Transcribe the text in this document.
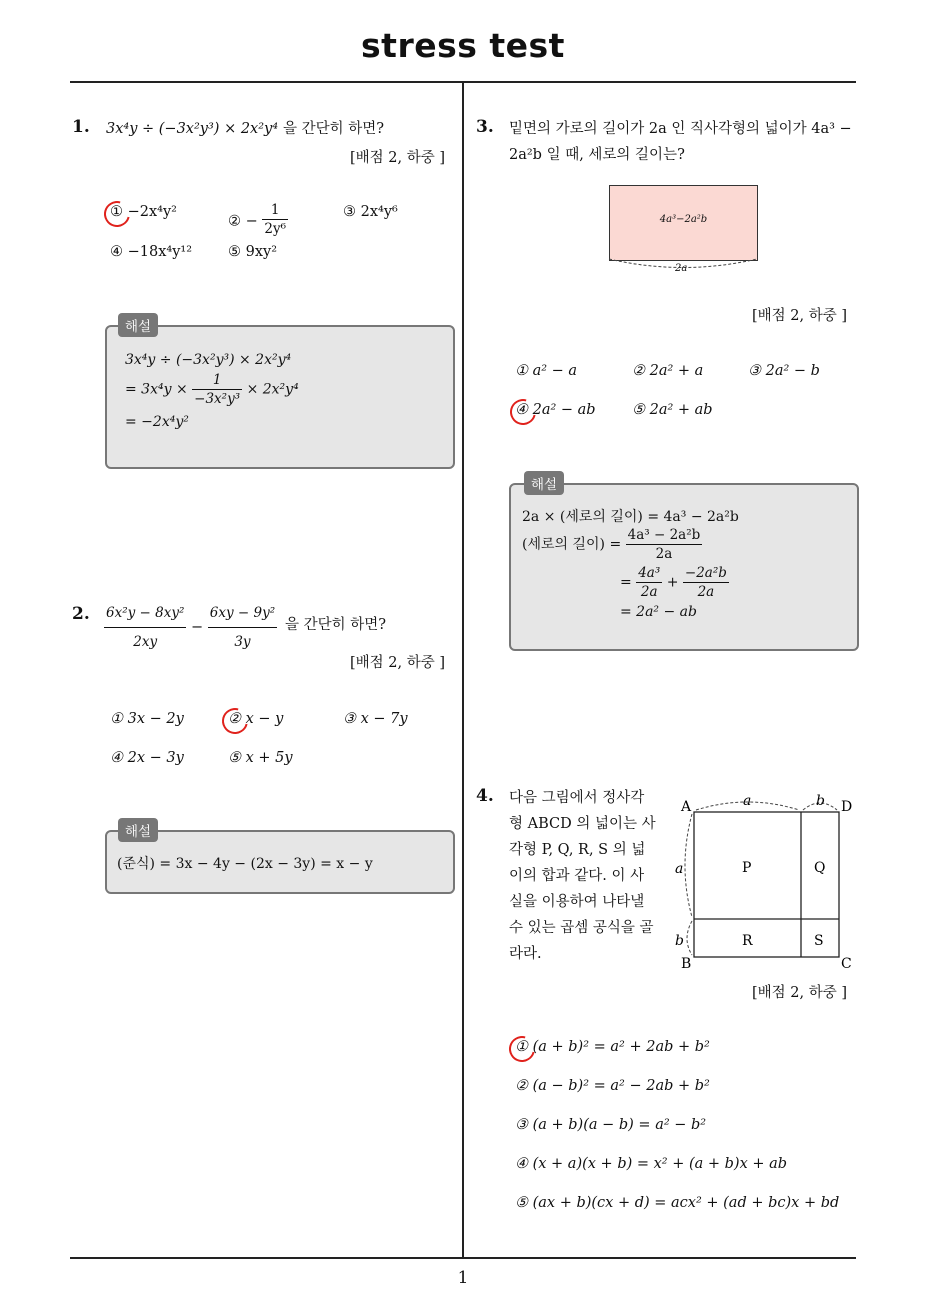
stress test
1. 3x⁴y ÷ (−3x²y³) × 2x²y⁴ 을 간단히 하면?
[배점 2, 하중 ]
① −2x⁴y²
② − $\frac{1}{\text{2y⁶}}$	③ 2x⁴y⁶
④ −18x⁴y¹² ⑤ 9xy²
해설
3x⁴y ÷ (−3x²y³) × 2x²y⁴
= $3x^4y \times \frac{1}{\text{−3x²y³}} \times 2x^2y^4$
= −2x⁴y²
2. $\frac{\text{6x²y − 8xy²}}{2xy} - \frac{\text{6xy − 9y²}}{3y}$ 을 간단히 하면?
[배점 2, 하중 ]
① 3x − 2y	② x − y	③ x − 7y
④ 2x − 3y	⑤ x + 5y
해설
(준식) = 3x − 4y − (2x − 3y) = x − y
3. 밑면의 가로의 길이가 2a 인 직사각형의 넓이가 4a³ −
2a²b 일 때, 세로의 길이는?
4a³−2a²b
2a
[배점 2, 하중 ]
① a² − a	② 2a² + a	③ 2a² − b
④ 2a² − ab	⑤ 2a² + ab
해설
2a × (세로의 길이) = 4a³ − 2a²b
(세로의 길이) = $\frac{\text{4a³ − 2a²b}}{2a}$
= $\frac{\text{4a³}}{2a} + \frac{\text{−2a²b}}{2a}$
= 2a² − ab
4. 다음 그림에서 정사각
형 ABCD 의 넓이는 사
각형 P, Q, R, S 의 넓
이의 합과 같다. 이 사
실을 이용하여 나타낼
수 있는 곱셈 공식을 골
라라.
A	D
B	C
P	Q
R	S
a	b
a
b
[배점 2, 하중 ]
① (a + b)² = a² + 2ab + b²
② (a − b)² = a² − 2ab + b²
③ (a + b)(a − b) = a² − b²
④ (x + a)(x + b) = x² + (a + b)x + ab
⑤ (ax + b)(cx + d) = acx² + (ad + bc)x + bd
1
